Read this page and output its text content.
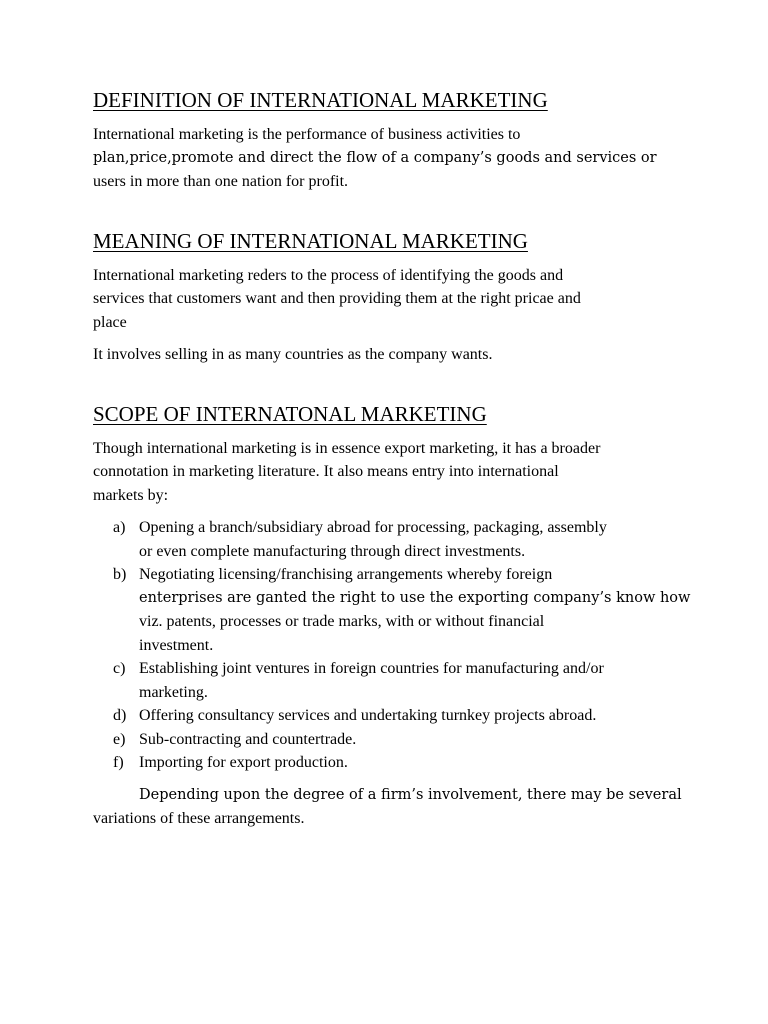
DEFINITION OF INTERNATIONAL MARKETING

International marketing is the performance of business activities to
plan,price,promote and direct the flow of a company’s goods and services or
users in more than one nation for profit.

MEANING OF INTERNATIONAL MARKETING

International marketing reders to the process of identifying the goods and
services that customers want and then providing them at the right pricae and
place

It involves selling in as many countries as the company wants.

SCOPE OF INTERNATONAL MARKETING

Though international marketing is in essence export marketing, it has a broader
connotation in marketing literature. It also means entry into international
markets by:

a) Opening a branch/subsidiary abroad for processing, packaging, assembly
or even complete manufacturing through direct investments.
b) Negotiating licensing/franchising arrangements whereby foreign
enterprises are ganted the right to use the exporting company’s know how
viz. patents, processes or trade marks, with or without financial
investment.
c) Establishing joint ventures in foreign countries for manufacturing and/or
marketing.
d) Offering consultancy services and undertaking turnkey projects abroad.
e) Sub-contracting and countertrade.
f) Importing for export production.

Depending upon the degree of a firm’s involvement, there may be several
variations of these arrangements.
